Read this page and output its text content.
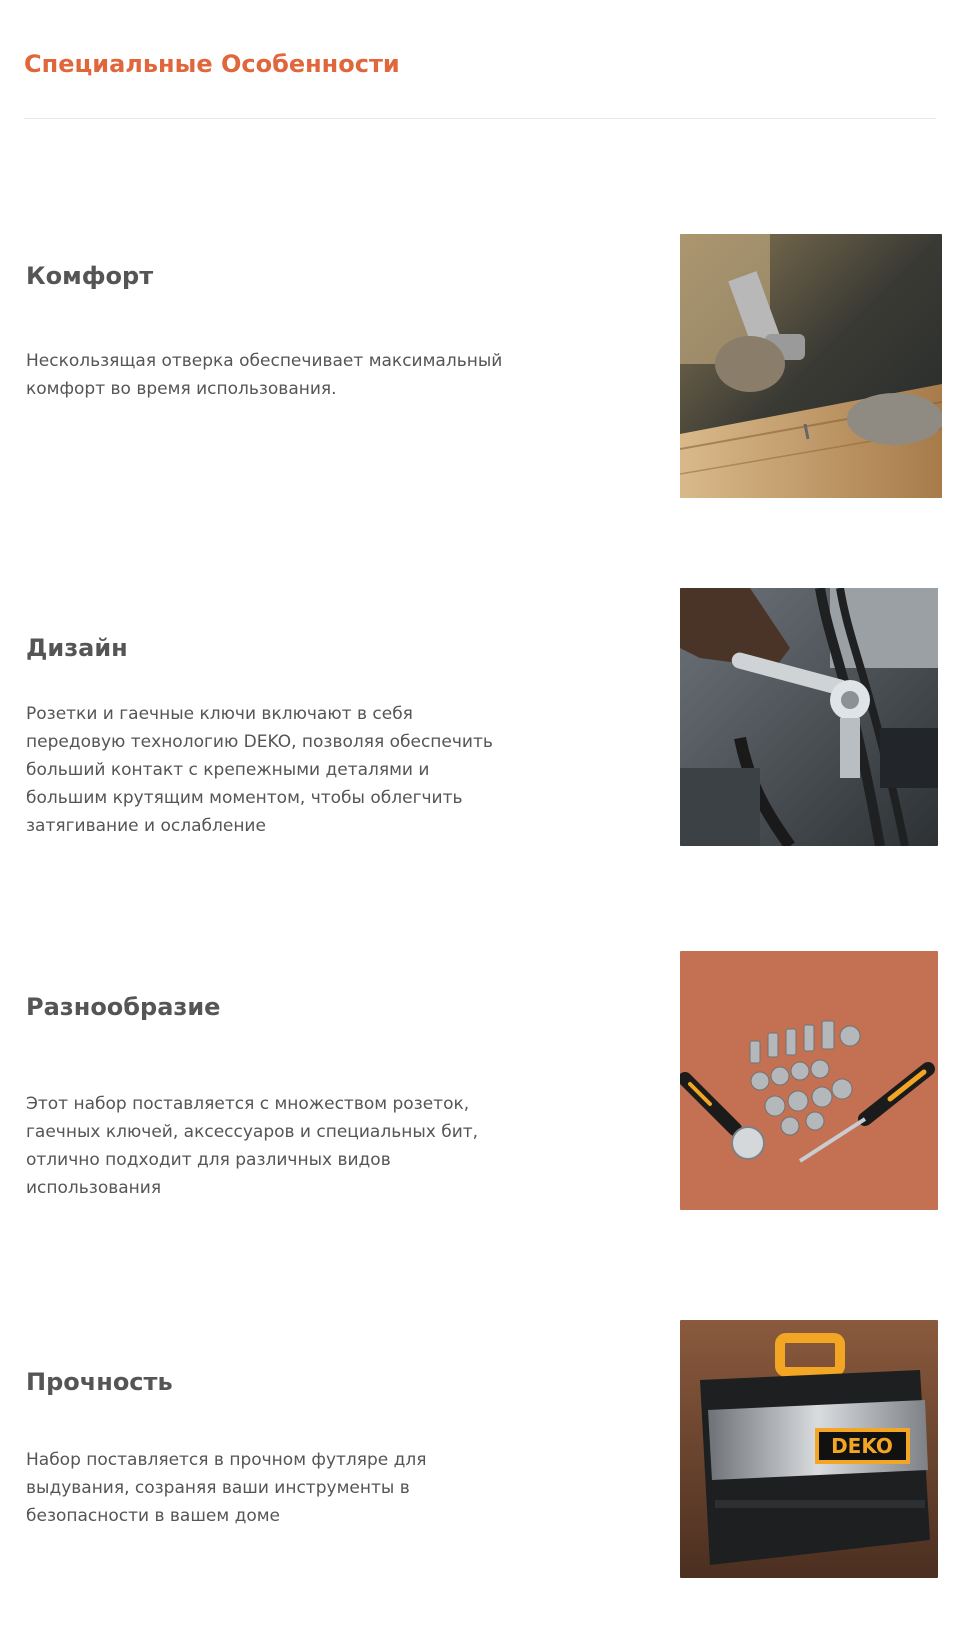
Специальные Особенности
Комфорт

Нескользящая отверка обеспечивает максимальный комфорт во время использования.

Дизайн

Розетки и гаечные ключи включают в себя передовую технологию DEKO, позволяя обеспечить больший контакт с крепежными деталями и большим крутящим моментом, чтобы облегчить затягивание и ослабление

Разнообразие

Этот набор поставляется с множеством розеток, гаечных ключей, аксессуаров и специальных бит, отлично подходит для различных видов использования

Прочность

Набор поставляется в прочном футляре для выдувания, созраняя ваши инструменты в безопасности в вашем доме

DEKO
